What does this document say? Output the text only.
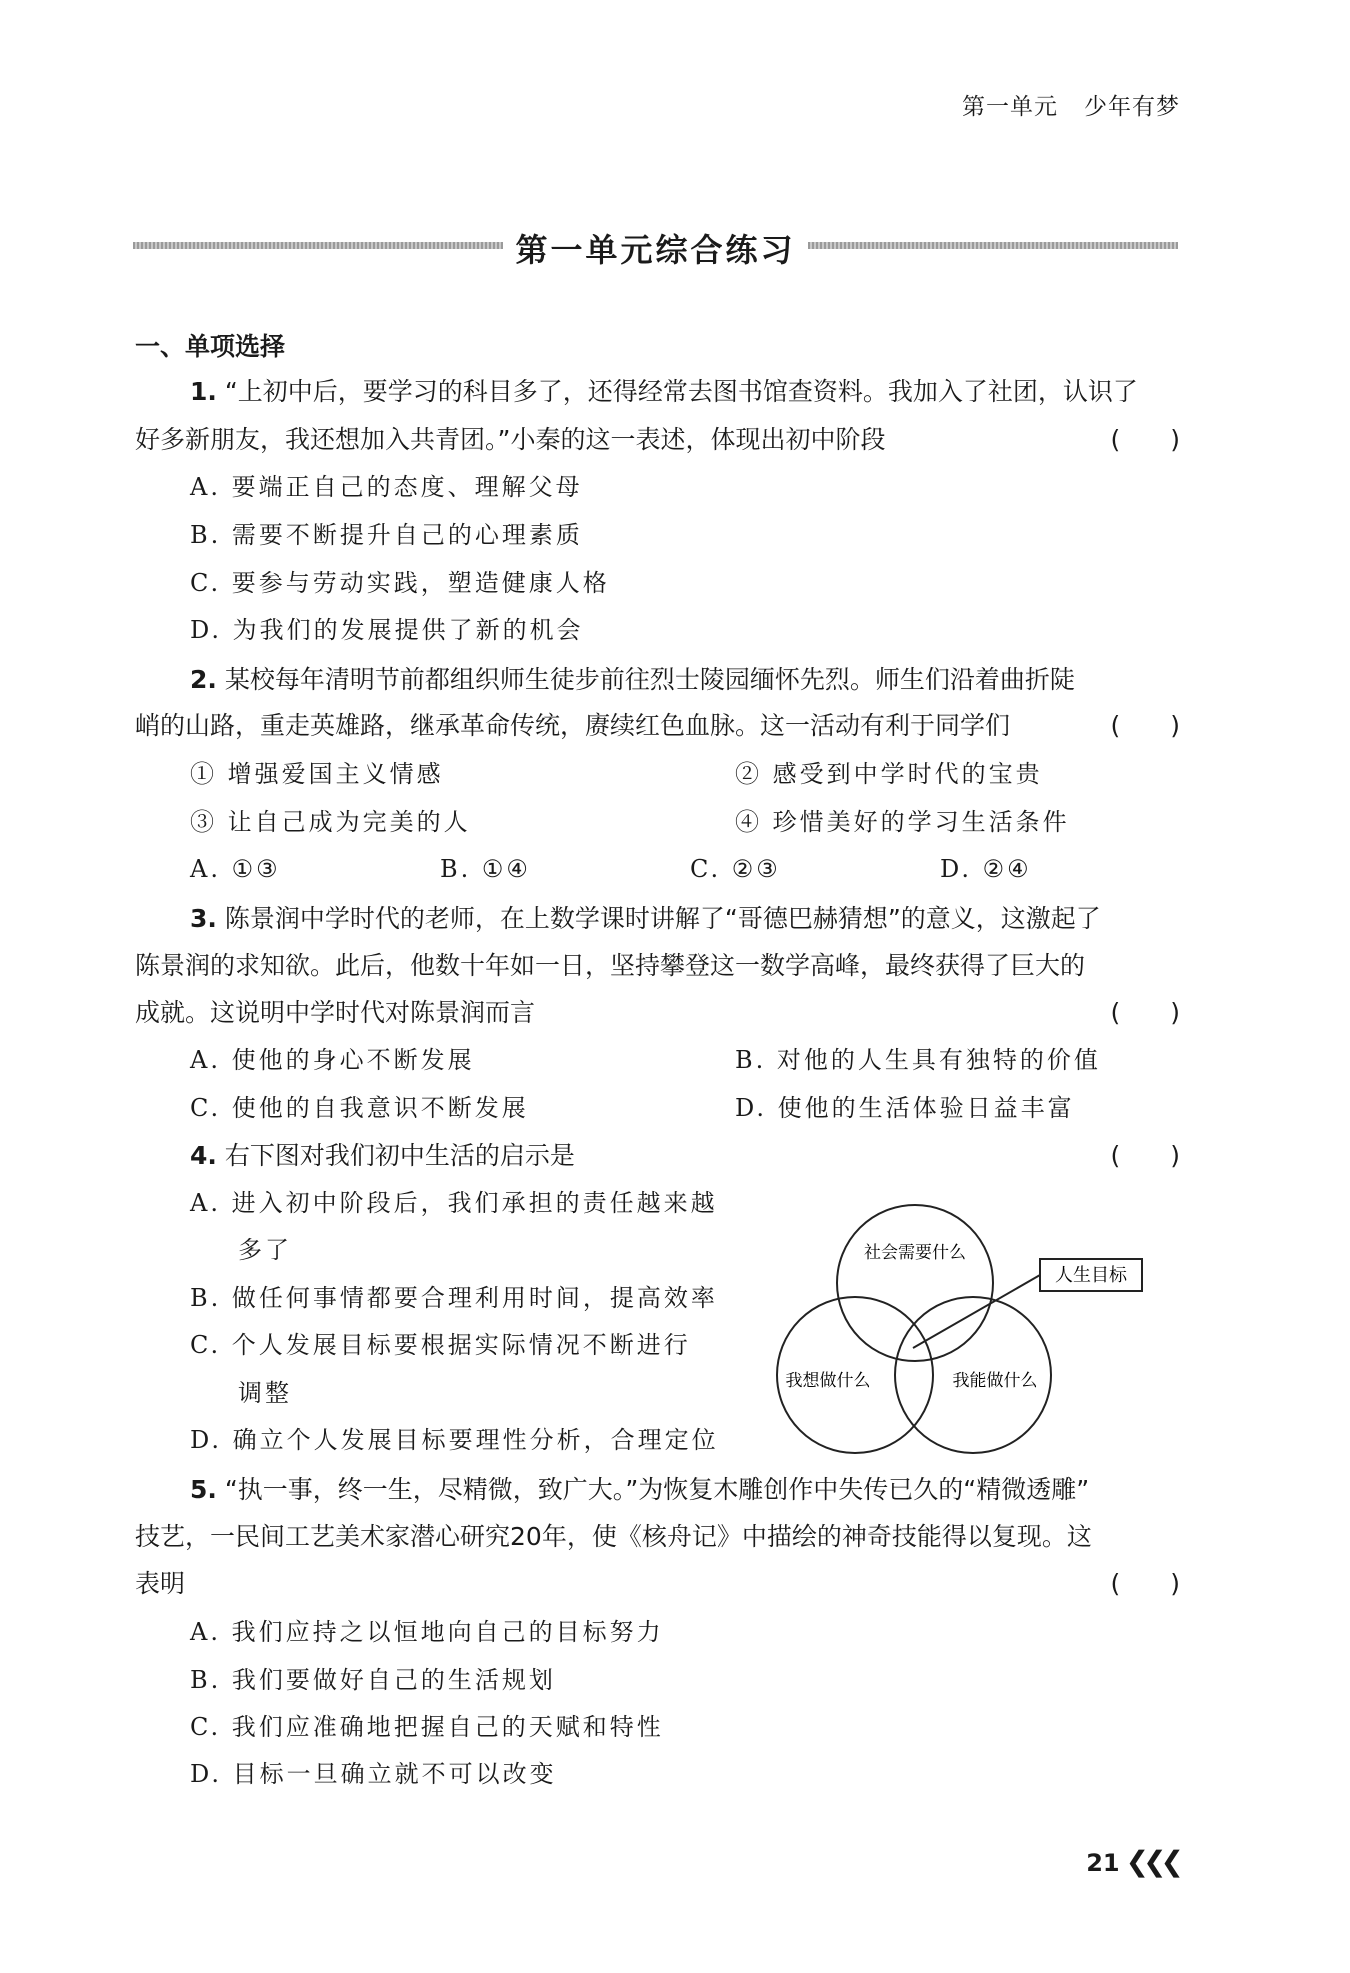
第一单元 少年有梦
第一单元综合练习
一、单项选择
1. “上初中后，要学习的科目多了，还得经常去图书馆查资料。我加入了社团，认识了
好多新朋友，我还想加入共青团。”小秦的这一表述，体现出初中阶段	(　　)
A. 要端正自己的态度、理解父母
B. 需要不断提升自己的心理素质
C. 要参与劳动实践，塑造健康人格
D. 为我们的发展提供了新的机会
2. 某校每年清明节前都组织师生徒步前往烈士陵园缅怀先烈。师生们沿着曲折陡
峭的山路，重走英雄路，继承革命传统，赓续红色血脉。这一活动有利于同学们	(　　)
① 增强爱国主义情感	② 感受到中学时代的宝贵
③ 让自己成为完美的人	④ 珍惜美好的学习生活条件
A. ①③	B. ①④	C. ②③	D. ②④
3. 陈景润中学时代的老师，在上数学课时讲解了“哥德巴赫猜想”的意义，这激起了
陈景润的求知欲。此后，他数十年如一日，坚持攀登这一数学高峰，最终获得了巨大的
成就。这说明中学时代对陈景润而言	(　　)
A. 使他的身心不断发展	B. 对他的人生具有独特的价值
C. 使他的自我意识不断发展	D. 使他的生活体验日益丰富
4. 右下图对我们初中生活的启示是	(　　)
A. 进入初中阶段后，我们承担的责任越来越
多了
B. 做任何事情都要合理利用时间，提高效率
C. 个人发展目标要根据实际情况不断进行
调整
D. 确立个人发展目标要理性分析，合理定位
社会需要什么
我想做什么	我能做什么
人生目标
5. “执一事，终一生，尽精微，致广大。”为恢复木雕创作中失传已久的“精微透雕”
技艺，一民间工艺美术家潜心研究20年，使《核舟记》中描绘的神奇技能得以复现。这
表明	(　　)
A. 我们应持之以恒地向自己的目标努力
B. 我们要做好自己的生活规划
C. 我们应准确地把握自己的天赋和特性
D. 目标一旦确立就不可以改变
21 ❮❮❮
